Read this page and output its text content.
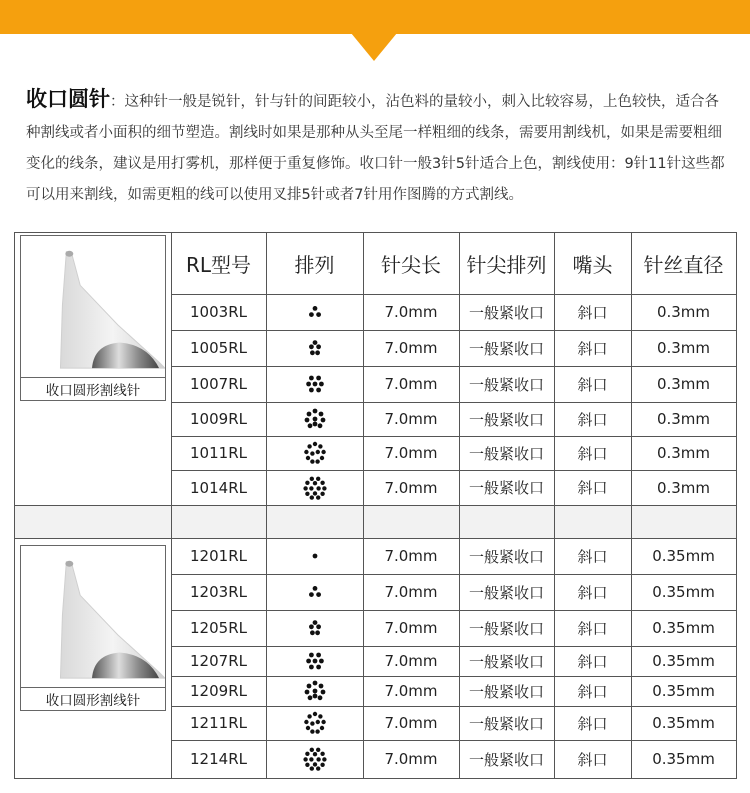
收口圆针：这种针一般是锐针，针与针的间距较小，沾色料的量较小，刺入比较容易，上色较快，适合各种割线或者小面积的细节塑造。割线时如果是那种从头至尾一样粗细的线条，需要用割线机，如果是需要粗细变化的线条，建议是用打雾机，那样便于重复修饰。收口针一般3针5针适合上色，割线使用：9针11针这些都可以用来割线，如需更粗的线可以使用叉排5针或者7针用作图腾的方式割线。
RL型号	排列	针尖长	针尖排列	嘴头	针丝直径
1003RL	7.0mm	一般紧收口	斜口	0.3mm
1005RL	7.0mm	一般紧收口	斜口	0.3mm
1007RL	7.0mm	一般紧收口	斜口	0.3mm
1009RL	7.0mm	一般紧收口	斜口	0.3mm
1011RL	7.0mm	一般紧收口	斜口	0.3mm
1014RL	7.0mm	一般紧收口	斜口	0.3mm
1201RL	7.0mm	一般紧收口	斜口	0.35mm
1203RL	7.0mm	一般紧收口	斜口	0.35mm
1205RL	7.0mm	一般紧收口	斜口	0.35mm
1207RL	7.0mm	一般紧收口	斜口	0.35mm
1209RL	7.0mm	一般紧收口	斜口	0.35mm
1211RL	7.0mm	一般紧收口	斜口	0.35mm
1214RL	7.0mm	一般紧收口	斜口	0.35mm
收口圆形割线针
收口圆形割线针
